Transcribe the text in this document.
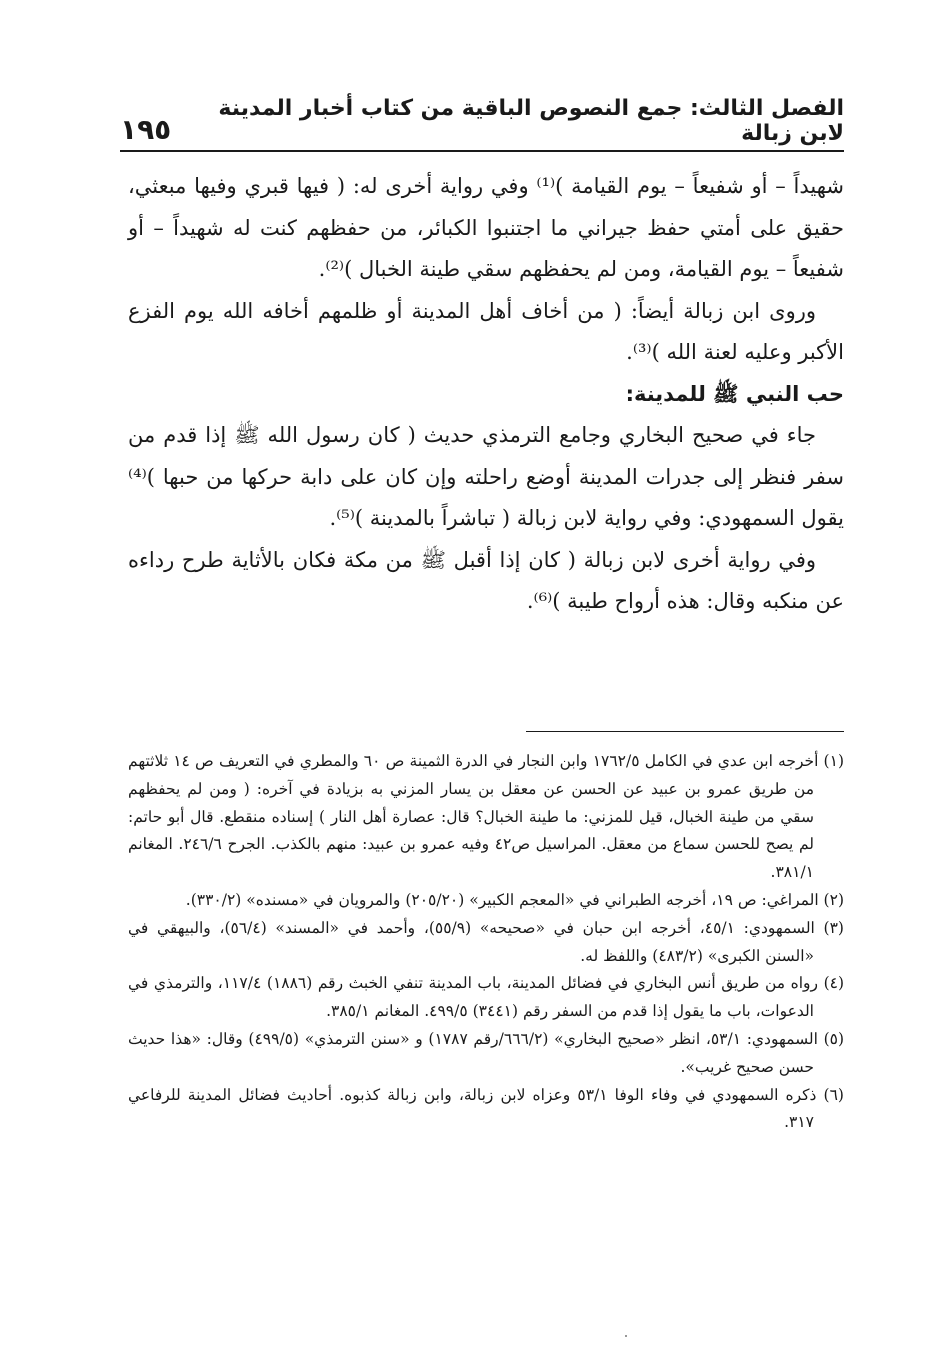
١٩٥
الفصل الثالث: جمع النصوص الباقية من كتاب أخبار المدينة لابن زبالة

شهيداً – أو شفيعاً – يوم القيامة )⁽¹⁾ وفي رواية أخرى له: ( فيها قبري وفيها مبعثي، حقيق على أمتي حفظ جيراني ما اجتنبوا الكبائر، من حفظهم كنت له شهيداً – أو شفيعاً – يوم القيامة، ومن لم يحفظهم سقي طينة الخبال )⁽²⁾.

وروى ابن زبالة أيضاً: ( من أخاف أهل المدينة أو ظلمهم أخافه الله يوم الفزع الأكبر وعليه لعنة الله )⁽³⁾.

حب النبي ﷺ للمدينة:

جاء في صحيح البخاري وجامع الترمذي حديث ( كان رسول الله ﷺ إذا قدم من سفر فنظر إلى جدرات المدينة أوضع راحلته وإن كان على دابة حركها من حبها )⁽⁴⁾ يقول السمهودي: وفي رواية لابن زبالة ( تباشراً بالمدينة )⁽⁵⁾.

وفي رواية أخرى لابن زبالة ( كان إذا أقبل ﷺ من مكة فكان بالأثاية طرح رداءه عن منكبه وقال: هذه أرواح طيبة )⁽⁶⁾.

(١) أخرجه ابن عدي في الكامل ١٧٦٢/٥ وابن النجار في الدرة الثمينة ص ٦٠ والمطري في التعريف ص ١٤ ثلاثتهم من طريق عمرو بن عبيد عن الحسن عن معقل بن يسار المزني به بزيادة في آخره: ( ومن لم يحفظهم سقي من طينة الخبال، قيل للمزني: ما طينة الخبال؟ قال: عصارة أهل النار ) إسناده منقطع. قال أبو حاتم: لم يصح للحسن سماع من معقل. المراسيل ص٤٢ وفيه عمرو بن عبيد: منهم بالكذب. الجرح ٢٤٦/٦. المغانم ٣٨١/١.

(٢) المراغي: ص ١٩، أخرجه الطبراني في «المعجم الكبير» (٢٠٥/٢٠) والمرويان في «مسنده» (٣٣٠/٢).

(٣) السمهودي: ٤٥/١، أخرجه ابن حبان في «صحيحه» (٥٥/٩)، وأحمد في «المسند» (٥٦/٤)، والبيهقي في «السنن الكبرى» (٤٨٣/٢) واللفظ له.

(٤) رواه من طريق أنس البخاري في فضائل المدينة، باب المدينة تنفي الخبث رقم (١٨٨٦) ١١٧/٤، والترمذي في الدعوات، باب ما يقول إذا قدم من السفر رقم (٣٤٤١) ٤٩٩/٥. المغانم ٣٨٥/١.

(٥) السمهودي: ٥٣/١، انظر «صحيح البخاري» (٦٦٦/٢/رقم ١٧٨٧) و «سنن الترمذي» (٤٩٩/٥) وقال: «هذا حديث حسن صحيح غريب».

(٦) ذكره السمهودي في وفاء الوفا ٥٣/١ وعزاه لابن زبالة، وابن زبالة كذبوه. أحاديث فضائل المدينة للرفاعي ٣١٧.
